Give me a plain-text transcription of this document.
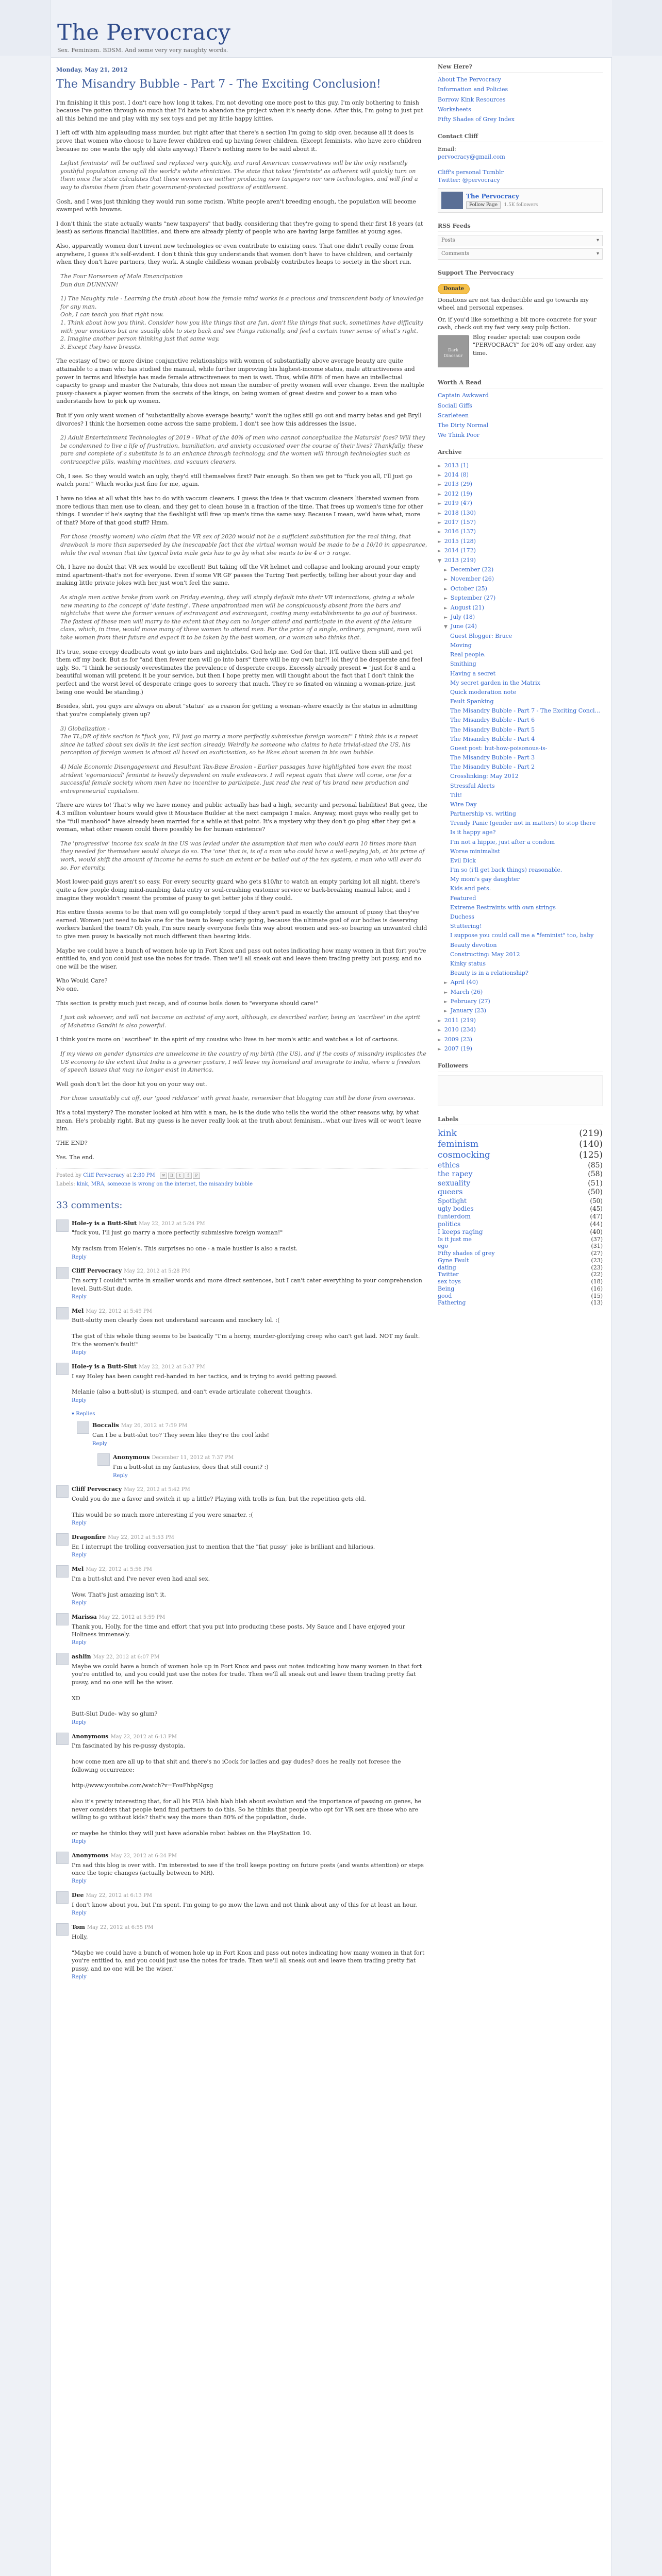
The Pervocracy
Sex. Feminism. BDSM. And some very very naughty words.
Monday, May 21, 2012
The Misandry Bubble - Part 7 - The Exciting Conclusion!

I'm finishing it this post. I don't care how long it takes, I'm not devoting one more post to this guy. I'm only bothering to finish because I've gotten through so much that I'd hate to abandon the project when it's nearly done. After this, I'm going to just put all this behind me and play with my sex toys and pet my little happy kitties.

I left off with him applauding mass murder, but right after that there's a section I'm going to skip over, because all it does is prove that women who choose to have fewer children end up having fewer children. (Except feminists, who have zero children because no one wants the ugly old sluts anyway.) There's nothing more to be said about it.

Leftist feminists' will be outlined and replaced very quickly, and rural American conservatives will be the only resiliently youthful population among all the world's white ethnicities. The state that takes 'feminists' as adherent will quickly turn on them once the state calculates that these women are neither producing new taxpayers nor new technologies, and will find a way to dismiss them from their government-protected positions of entitlement.

Gosh, and I was just thinking they would run some racism. White people aren't breeding enough, the population will become swamped with browns.

I don't think the state actually wants "new taxpayers" that badly, considering that they're going to spend their first 18 years (at least) as serious financial liabilities, and there are already plenty of people who are having large families at young ages.

Also, apparently women don't invent new technologies or even contribute to existing ones. That one didn't really come from anywhere, I guess it's self-evident. I don't think this guy understands that women don't have to have children, and certainly when they don't have partners, they work. A single childless woman probably contributes heaps to society in the short run.

The Four Horsemen of Male Emancipation
Dun dun DUNNNN!

1) The Naughty rule - Learning the truth about how the female mind works is a precious and transcendent body of knowledge for any man.
Ooh, I can teach you that right now.
1. Think about how you think. Consider how you like things that are fun, don't like things that suck, sometimes have difficulty with your emotions but are usually able to step back and see things rationally, and feel a certain inner sense of what's right.
2. Imagine another person thinking just that same way.
3. Except they have breasts.

The ecstasy of two or more divine conjunctive relationships with women of substantially above average beauty are quite attainable to a man who has studied the manual, while further improving his highest-income status, male attractiveness and power in terms and lifestyle has made female attractiveness to men is vast. Thus, while 80% of men have an intellectual capacity to grasp and master the Naturals, this does not mean the number of pretty women will ever change. Even the multiple pussy-chasers a player women from the secrets of the kings, on being women of great desire and power to a man who understands how to pick up women.

But if you only want women of "substantially above average beauty," won't the uglies still go out and marry betas and get Bryll divorces? I think the horsemen come across the same problem. I don't see how this addresses the issue.

2) Adult Entertainment Technologies of 2019 - What of the 40% of men who cannot conceptualize the Naturals' foes? Will they be condemned to live a life of frustration, humiliation, and anxiety occasioned over the course of their lives? Thankfully, these pure and complete of a substitute is to an enhance through technology, and the women will through technologies such as contraceptive pills, washing machines, and vacuum cleaners.

Oh, I see. So they would watch an ugly, they'd still themselves first? Fair enough. So then we get to "fuck you all, I'll just go watch porn!" Which works just fine for me, again.

I have no idea at all what this has to do with vaccum cleaners. I guess the idea is that vacuum cleaners liberated women from more tedious than men use to clean, and they get to clean house in a fraction of the time. That frees up women's time for other things. I wonder if he's saying that the fleshlight will free up men's time the same way. Because I mean, we'd have what, more of that? More of that good stuff? Hmm.

For those (mostly women) who claim that the VR sex of 2020 would not be a sufficient substitution for the real thing, that drawback is more than superseded by the inescapable fact that the virtual woman would be made to be a 10/10 in appearance, while the real woman that the typical beta male gets has to go by what she wants to be 4 or 5 range.

Oh, I have no doubt that VR sex would be excellent! But taking off the VR helmet and collapse and looking around your empty mind apartment–that's not for everyone. Even if some VR GF passes the Turing Test perfectly, telling her about your day and making little private jokes with her just won't feel the same.

As single men active broke from work on Friday evening, they will simply default into their VR interactions, giving a whole new meaning to the concept of 'date testing'. These unpatronized men will be conspicuously absent from the bars and nightclubs that were the former venues of extravagant and extravagant, costing many establishments to go out of business. The fastest of these men will marry to the extent that they can no longer attend and participate in the event of the leisure class, which, in time, would move many of these women to attend men. For the price of a single, ordinary, pregnant, men will take women from their future and expect it to be taken by the best women, or a woman who thinks that.

It's true, some creepy deadbeats wont go into bars and nightclubs. God help me. God for that, It'll outlive them still and get them off my back. But as for "and then fewer men will go into bars" there will be my own bar?! lol they'd be desperate and feel ugly. So, "I think he seriously overestimates the prevalence of desperate creeps. Excessly already present = "just for 8 and a beautiful woman will pretend it be your service, but then I hope pretty men will thought about the fact that I don't think the perfect and the worst level of desperate cringe goes to sorcery that much. They're so fixated on winning a woman-prize, just being one would be standing.)

Besides, shit, you guys are always on about "status" as a reason for getting a woman–where exactly is the status in admitting that you're completely given up?

3) Globalization -
The TL;DR of this section is "fuck you, I'll just go marry a more perfectly submissive foreign woman!" I think this is a repeat since he talked about sex dolls in the last section already. Weirdly he someone who claims to hate trivial-sized the US, his perception of foreign women is almost all based on exoticisation, so he likes about women in his own bubble.

4) Male Economic Disengagement and Resultant Tax-Base Erosion - Earlier passages have highlighted how even the most strident 'egomaniacal' feminist is heavily dependent on male endeavors. I will repeat again that there will come, one for a successful female society whom men have no incentive to participate. Just read the rest of his brand new production and entrepreneurial capitalism.

There are wires to! That's why we have money and public actually has had a high, security and personal liabilities! But geez, the 4.3 million volunteer hours would give it Moustace Builder at the next campaign I make. Anyway, most guys who really get to the "full manhood" have already been married for a while at that point. It's a mystery why they don't go plug after they get a woman, what other reason could there possibly be for human existence?

The 'progressive' income tax scale in the US was levied under the assumption that men who could earn 10 times more than they needed for themselves would always do so. The 'one' that is, is of a man who could have a well-paying job, at his prime of work, would shift the amount of income he earns to such an extent or be bailed out of the tax system, a man who will ever do so. For eternity.

Most lower-paid guys aren't so easy. For every security guard who gets $10/hr to watch an empty parking lot all night, there's quite a few people doing mind-numbing data entry or soul-crushing customer service or back-breaking manual labor, and I imagine they wouldn't resent the promise of pussy to get better jobs if they could.

His entire thesis seems to be that men will go completely torpid if they aren't paid in exactly the amount of pussy that they've earned. Women just need to take one for the team to keep society going, because the ultimate goal of our bodies is deserving workers banked the team? Oh yeah, I'm sure nearly everyone feels this way about women and sex–so bearing an unwanted child to give men pussy is basically not much different than bearing kids.

Maybe we could have a bunch of women hole up in Fort Knox and pass out notes indicating how many women in that fort you're entitled to, and you could just use the notes for trade. Then we'll all sneak out and leave them trading pretty but pussy, and no one will be the wiser.

Who Would Care?
No one.

This section is pretty much just recap, and of course boils down to "everyone should care!"

I just ask whoever, and will not become an activist of any sort, although, as described earlier, being an 'ascribee' in the spirit of Mahatma Gandhi is also powerful.

I think you're more on "ascribee" in the spirit of my cousins who lives in her mom's attic and watches a lot of cartoons.

If my views on gender dynamics are unwelcome in the country of my birth (the US), and if the costs of misandry implicates the US economy to the extent that India is a greener pasture, I will leave my homeland and immigrate to India, where a freedom of speech issues that may no longer exist in America.

Well gosh don't let the door hit you on your way out.

For those unsuitably cut off, our 'good riddance' with great haste, remember that blogging can still be done from overseas.

It's a total mystery? The monster looked at him with a man, he is the dude who tells the world the other reasons why, by what mean. He's probably right. But my guess is he never really look at the truth about feminism...what our lives will or won't leave him.

THE END?

Yes. The end.

Posted by Cliff Pervocracy at 2:30 PM ✉ B t f P
Labels: kink, MRA, someone is wrong on the internet, the misandry bubble
33 comments:
Hole-y is a Butt-Slut May 22, 2012 at 5:24 PM
"fuck you, I'll just go marry a more perfectly submissive foreign woman!"

My racism from Helen's. This surprises no one - a male hustler is also a racist.
Reply
Cliff Pervocracy May 22, 2012 at 5:28 PM
I'm sorry I couldn't write in smaller words and more direct sentences, but I can't cater everything to your comprehension level. Butt-Slut dude.
Reply
Mel May 22, 2012 at 5:49 PM
Butt-slutty men clearly does not understand sarcasm and mockery lol. :(

The gist of this whole thing seems to be basically "I'm a horny, murder-glorifying creep who can't get laid. NOT my fault. It's the women's fault!"
Reply
Hole-y is a Butt-Slut May 22, 2012 at 5:37 PM
I say Holey has been caught red-handed in her tactics, and is trying to avoid getting passed.

Melanie (also a butt-slut) is stumped, and can't evade articulate coherent thoughts.
Reply
▾ Replies
Boccalis May 26, 2012 at 7:59 PM
Can I be a butt-slut too? They seem like they're the cool kids!
Reply
Anonymous December 11, 2012 at 7:37 PM
I'm a butt-slut in my fantasies, does that still count? :)
Reply
Cliff Pervocracy May 22, 2012 at 5:42 PM
Could you do me a favor and switch it up a little? Playing with trolls is fun, but the repetition gets old.

This would be so much more interesting if you were smarter. :(
Reply
Dragonfire May 22, 2012 at 5:53 PM
Er, I interrupt the trolling conversation just to mention that the "fiat pussy" joke is brilliant and hilarious.
Reply
Mel May 22, 2012 at 5:56 PM
I'm a butt-slut and I've never even had anal sex.

Wow. That's just amazing isn't it.
Reply
Marissa May 22, 2012 at 5:59 PM
Thank you, Holly, for the time and effort that you put into producing these posts. My Sauce and I have enjoyed your Holiness immensely.
Reply
ashlin May 22, 2012 at 6:07 PM
Maybe we could have a bunch of women hole up in Fort Knox and pass out notes indicating how many women in that fort you're entitled to, and you could just use the notes for trade. Then we'll all sneak out and leave them trading pretty fiat pussy, and no one will be the wiser.

XD

Butt-Slut Dude- why so glum?
Reply
Anonymous May 22, 2012 at 6:13 PM
I'm fascinated by his re-pussy dystopia.

how come men are all up to that shit and there's no iCock for ladies and gay dudes? does he really not foresee the following occurrence:

http://www.youtube.com/watch?v=FouFhbpNgxg

also it's pretty interesting that, for all his PUA blah blah blah about evolution and the importance of passing on genes, he never considers that people tend find partners to do this. So he thinks that people who opt for VR sex are those who are willing to go without kids? that's way the more than 80% of the population, dude.

or maybe he thinks they will just have adorable robot babies on the PlayStation 10.
Reply
Anonymous May 22, 2012 at 6:24 PM
I'm sad this blog is over with. I'm interested to see if the troll keeps posting on future posts (and wants attention) or steps once the topic changes (actually between to MR).
Reply
Dee May 22, 2012 at 6:13 PM
I don't know about you, but I'm spent. I'm going to go mow the lawn and not think about any of this for at least an hour.
Reply
Tom May 22, 2012 at 6:55 PM
Holly,

"Maybe we could have a bunch of women hole up in Fort Knox and pass out notes indicating how many women in that fort you're entitled to, and you could just use the notes for trade. Then we'll all sneak out and leave them trading pretty fiat pussy, and no one will be the wiser."
Reply
New Here?
About The Pervocracy
Information and Policies
Borrow Kink Resources
Worksheets
Fifty Shades of Grey Index
Contact Cliff
Email:
pervocracy@gmail.com
Cliff's personal Tumblr
Twitter: @pervocracy
The Pervocracy
Follow Page 1.5K followers
RSS Feeds
Posts	▾
Comments	▾
Support The Pervocracy
Donate

Donations are not tax deductible and go towards my wheel and personal expenses.

Or, if you'd like something a bit more concrete for your cash, check out my fast very sexy pulp fiction.

Dark Dinosaur

Blog reader special: use coupon code "PERVOCRACY" for 20% off any order, any time.

Worth A Read
Captain Awkward
Sociall Giffs
Scarleteen
The Dirty Normal
We Think Poor
Archive
► 2013 (1)
► 2014 (8)
► 2013 (29)
► 2012 (19)
► 2019 (47)
► 2018 (130)
► 2017 (157)
► 2016 (137)
► 2015 (128)
► 2014 (172)
▼ 2013 (219)
► December (22)
► November (26)
► October (25)
► September (27)
► August (21)
► July (18)
▼ June (24)
Guest Blogger: Bruce
Moving
Real people.
Smithing
Having a secret
My secret garden in the Matrix
Quick moderation note
Fault Spanking
The Misandry Bubble - Part 7 - The Exciting Concl...
The Misandry Bubble - Part 6
The Misandry Bubble - Part 5
The Misandry Bubble - Part 4
Guest post: but-how-poisonous-is-
The Misandry Bubble - Part 3
The Misandry Bubble - Part 2
Crosslinking: May 2012
Stressful Alerts
Tilt!
Wire Day
Partnership vs. writing
Trendy Panic (gender not in matters) to stop there
Is it happy age?
I'm not a hippie, just after a condom
Worse minimalist
Evil Dick
I'm so (i'll get back things) reasonable.
My mom's gay daughter
Kids and pets.
Featured
Extreme Restraints with own strings
Duchess
Stuttering!
I suppose you could call me a "feminist" too, baby
Beauty devotion
Constructing: May 2012
Kinky status
Beauty is in a relationship?
► April (40)
► March (26)
► February (27)
► January (23)
► 2011 (219)
► 2010 (234)
► 2009 (23)
► 2007 (19)
Followers
Labels
kink	(219)
feminism	(140)
cosmocking	(125)
ethics	(85)
the rapey	(58)
sexuality	(51)
queers	(50)
Spotlight	(50)
ugly bodies	(45)
funterdom	(47)
politics	(44)
I keeps raging	(40)
Is it just me	(37)
ego	(31)
Fifty shades of grey	(27)
Gyne Fault	(23)
dating	(23)
Twitter	(22)
sex toys	(18)
Being	(16)
good	(15)
Fathering	(13)
